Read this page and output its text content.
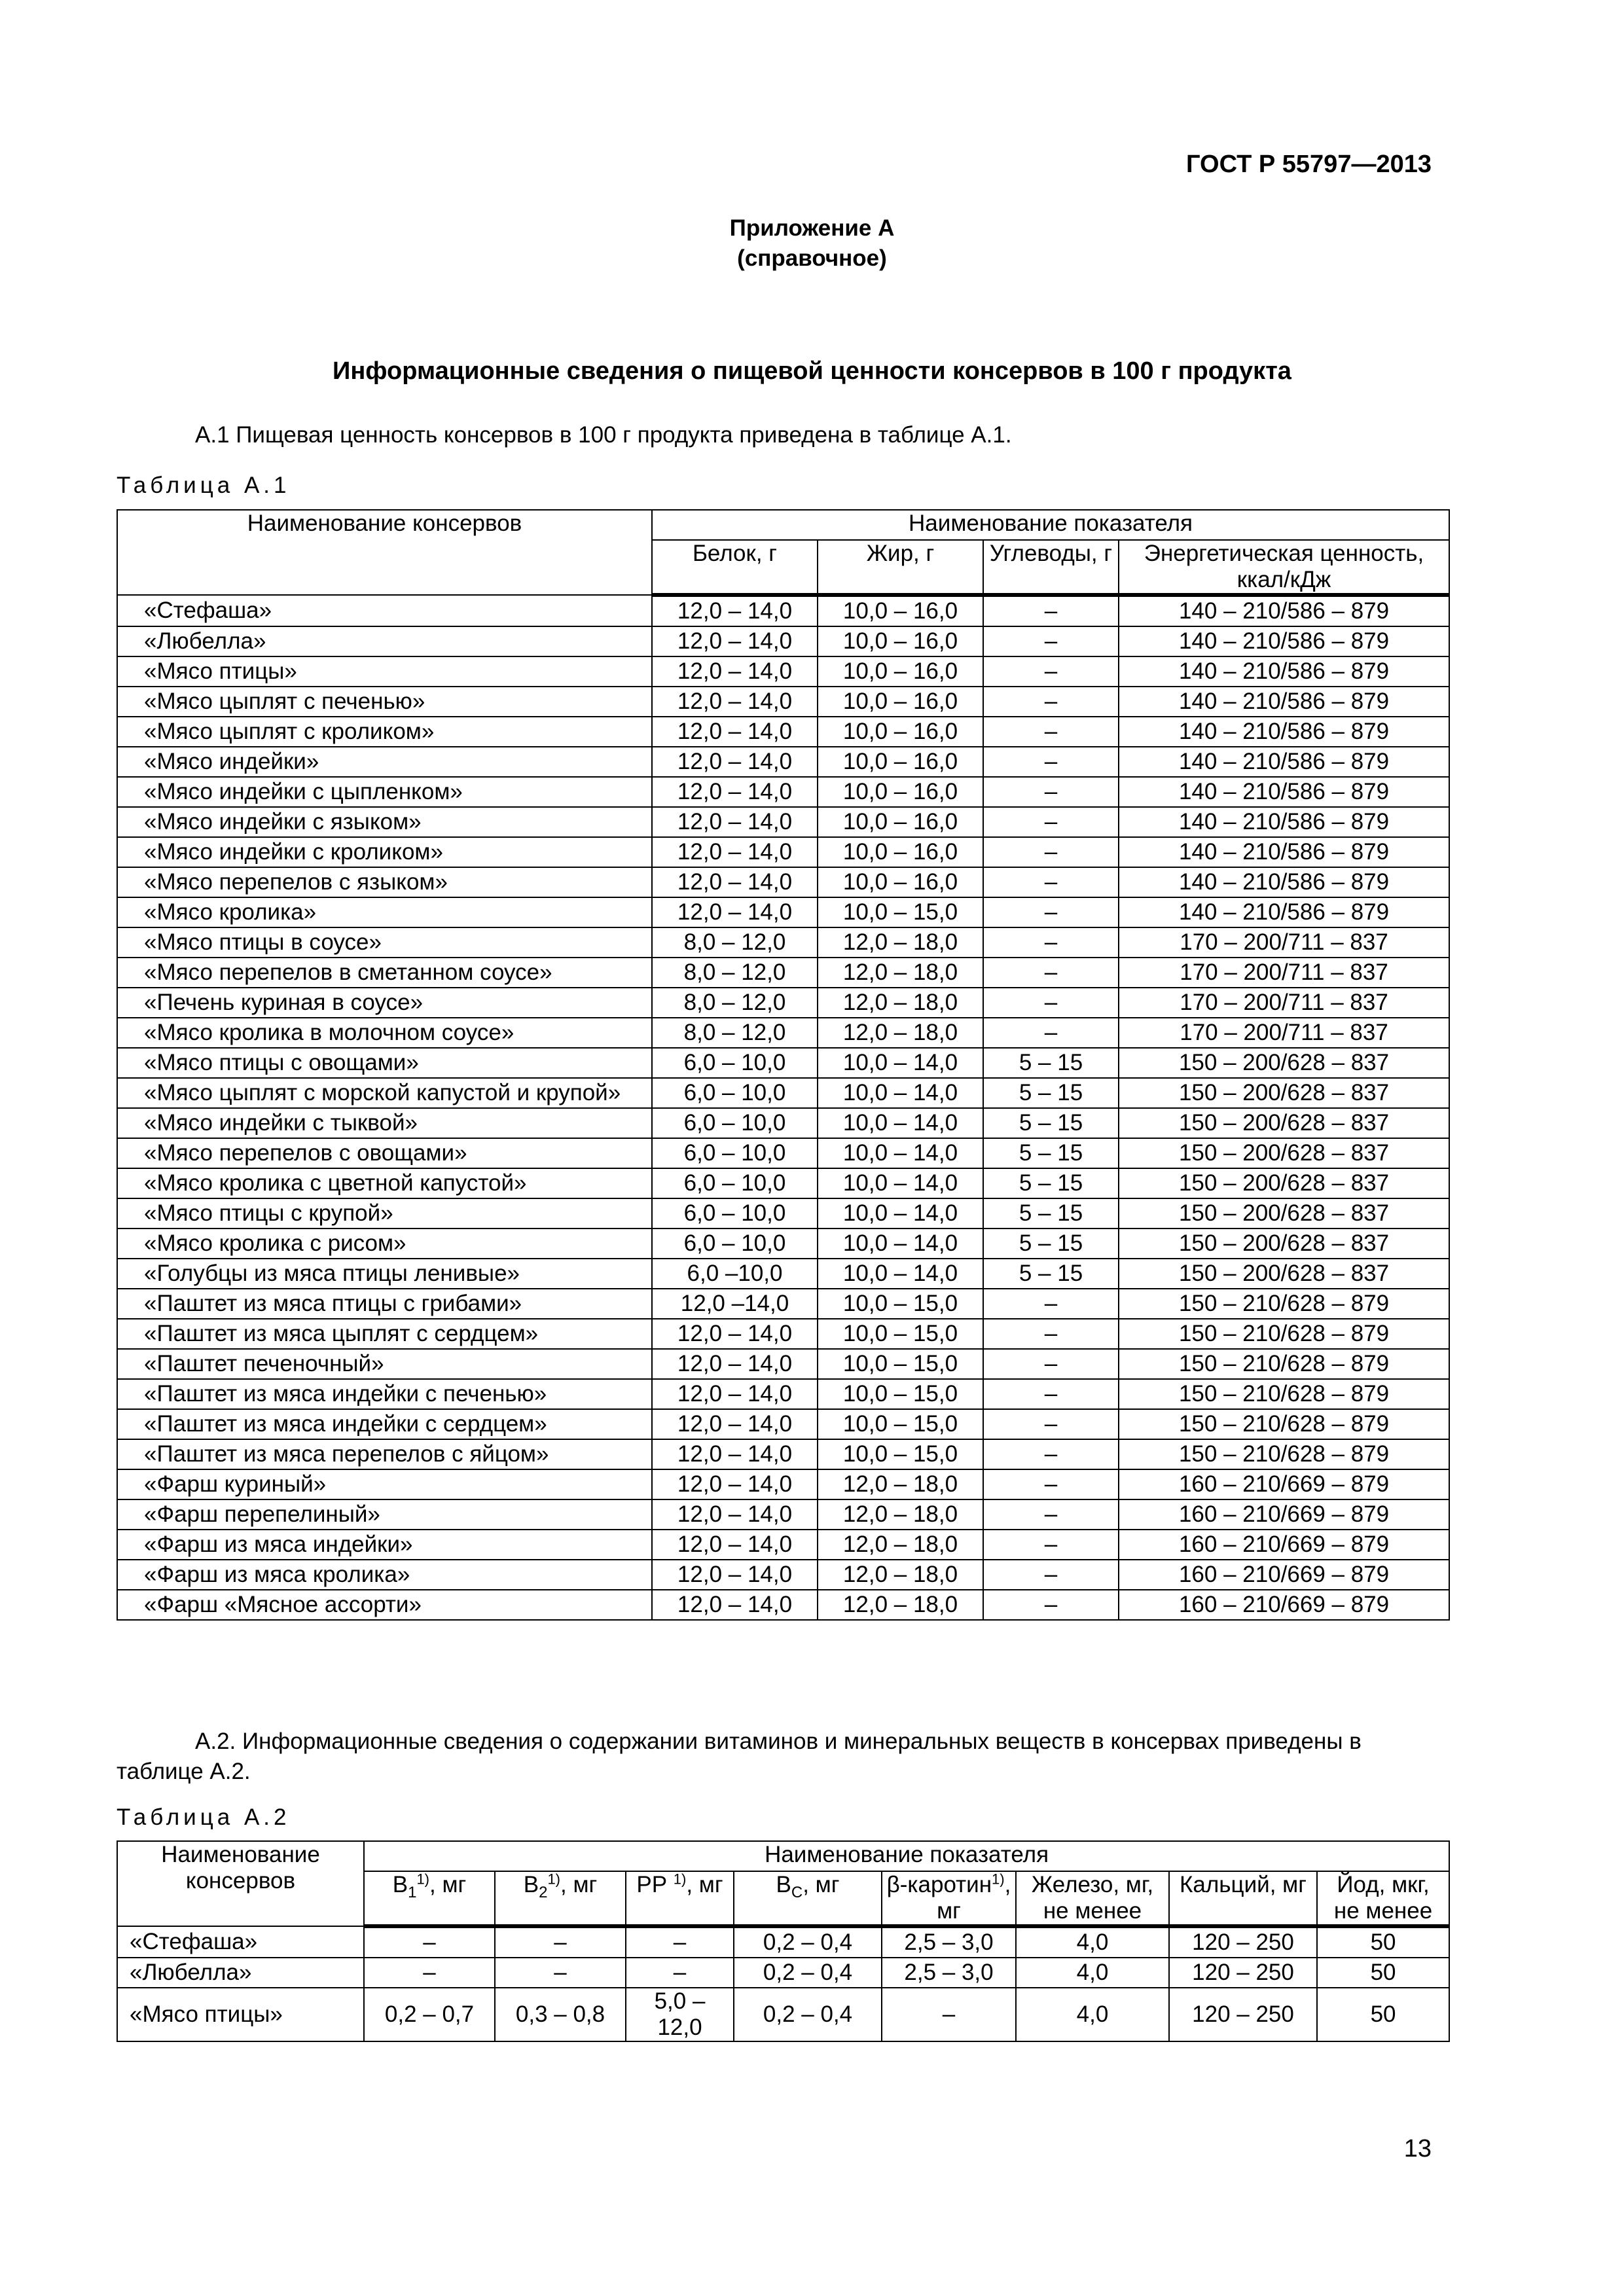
ГОСТ Р 55797—2013
Приложение А
(справочное)
Информационные сведения о пищевой ценности консервов в 100 г продукта
А.1 Пищевая ценность консервов в 100 г продукта приведена в таблице А.1.
Таблица А.1
Наименование консервов	Наименование показателя			
	Белок, г	Жир, г	Углеводы, г	Энергетическая ценность, ккал/кДж
«Стефаша»	12,0 – 14,0	10,0 – 16,0	–	140 – 210/586 – 879
«Любелла»	12,0 – 14,0	10,0 – 16,0	–	140 – 210/586 – 879
«Мясо птицы»	12,0 – 14,0	10,0 – 16,0	–	140 – 210/586 – 879
«Мясо цыплят с печенью»	12,0 – 14,0	10,0 – 16,0	–	140 – 210/586 – 879
«Мясо цыплят с кроликом»	12,0 – 14,0	10,0 – 16,0	–	140 – 210/586 – 879
«Мясо индейки»	12,0 – 14,0	10,0 – 16,0	–	140 – 210/586 – 879
«Мясо индейки с цыпленком»	12,0 – 14,0	10,0 – 16,0	–	140 – 210/586 – 879
«Мясо индейки с языком»	12,0 – 14,0	10,0 – 16,0	–	140 – 210/586 – 879
«Мясо индейки с кроликом»	12,0 – 14,0	10,0 – 16,0	–	140 – 210/586 – 879
«Мясо перепелов с языком»	12,0 – 14,0	10,0 – 16,0	–	140 – 210/586 – 879
«Мясо кролика»	12,0 – 14,0	10,0 – 15,0	–	140 – 210/586 – 879
«Мясо птицы в соусе»	8,0 – 12,0	12,0 – 18,0	–	170 – 200/711 – 837
«Мясо перепелов в сметанном соусе»	8,0 – 12,0	12,0 – 18,0	–	170 – 200/711 – 837
«Печень куриная в соусе»	8,0 – 12,0	12,0 – 18,0	–	170 – 200/711 – 837
«Мясо кролика в молочном соусе»	8,0 – 12,0	12,0 – 18,0	–	170 – 200/711 – 837
«Мясо птицы с овощами»	6,0 – 10,0	10,0 – 14,0	5 – 15	150 – 200/628 – 837
«Мясо цыплят с морской капустой и крупой»	6,0 – 10,0	10,0 – 14,0	5 – 15	150 – 200/628 – 837
«Мясо индейки с тыквой»	6,0 – 10,0	10,0 – 14,0	5 – 15	150 – 200/628 – 837
«Мясо перепелов с овощами»	6,0 – 10,0	10,0 – 14,0	5 – 15	150 – 200/628 – 837
«Мясо кролика с цветной капустой»	6,0 – 10,0	10,0 – 14,0	5 – 15	150 – 200/628 – 837
«Мясо птицы с крупой»	6,0 – 10,0	10,0 – 14,0	5 – 15	150 – 200/628 – 837
«Мясо кролика с рисом»	6,0 – 10,0	10,0 – 14,0	5 – 15	150 – 200/628 – 837
«Голубцы из мяса птицы ленивые»	6,0 –10,0	10,0 – 14,0	5 – 15	150 – 200/628 – 837
«Паштет из мяса птицы с грибами»	12,0 –14,0	10,0 – 15,0	–	150 – 210/628 – 879
«Паштет из мяса цыплят с сердцем»	12,0 – 14,0	10,0 – 15,0	–	150 – 210/628 – 879
«Паштет печеночный»	12,0 – 14,0	10,0 – 15,0	–	150 – 210/628 – 879
«Паштет из мяса индейки с печенью»	12,0 – 14,0	10,0 – 15,0	–	150 – 210/628 – 879
«Паштет из мяса индейки с сердцем»	12,0 – 14,0	10,0 – 15,0	–	150 – 210/628 – 879
«Паштет из мяса перепелов с яйцом»	12,0 – 14,0	10,0 – 15,0	–	150 – 210/628 – 879
«Фарш куриный»	12,0 – 14,0	12,0 – 18,0	–	160 – 210/669 – 879
«Фарш перепелиный»	12,0 – 14,0	12,0 – 18,0	–	160 – 210/669 – 879
«Фарш из мяса индейки»	12,0 – 14,0	12,0 – 18,0	–	160 – 210/669 – 879
«Фарш из мяса кролика»	12,0 – 14,0	12,0 – 18,0	–	160 – 210/669 – 879
«Фарш «Мясное ассорти»	12,0 – 14,0	12,0 – 18,0	–	160 – 210/669 – 879
А.2. Информационные сведения о содержании витаминов и минеральных веществ в консервах приведены в таблице А.2.
Таблица А.2
Наименование консервов	Наименование показателя							
	$В_1^{1)}$, мг	$В_2^{1)}$, мг	РР $^{1)}$, мг	$В_С$, мг	β-каротин$^{1)}$, мг	Железо, мг, не менее	Кальций, мг	Йод, мкг, не менее
«Стефаша»	–	–	–	0,2 – 0,4	2,5 – 3,0	4,0	120 – 250	50
«Любелла»	–	–	–	0,2 – 0,4	2,5 – 3,0	4,0	120 – 250	50
«Мясо птицы»	0,2 – 0,7	0,3 – 0,8	5,0 – 12,0	0,2 – 0,4	–	4,0	120 – 250	50
13
